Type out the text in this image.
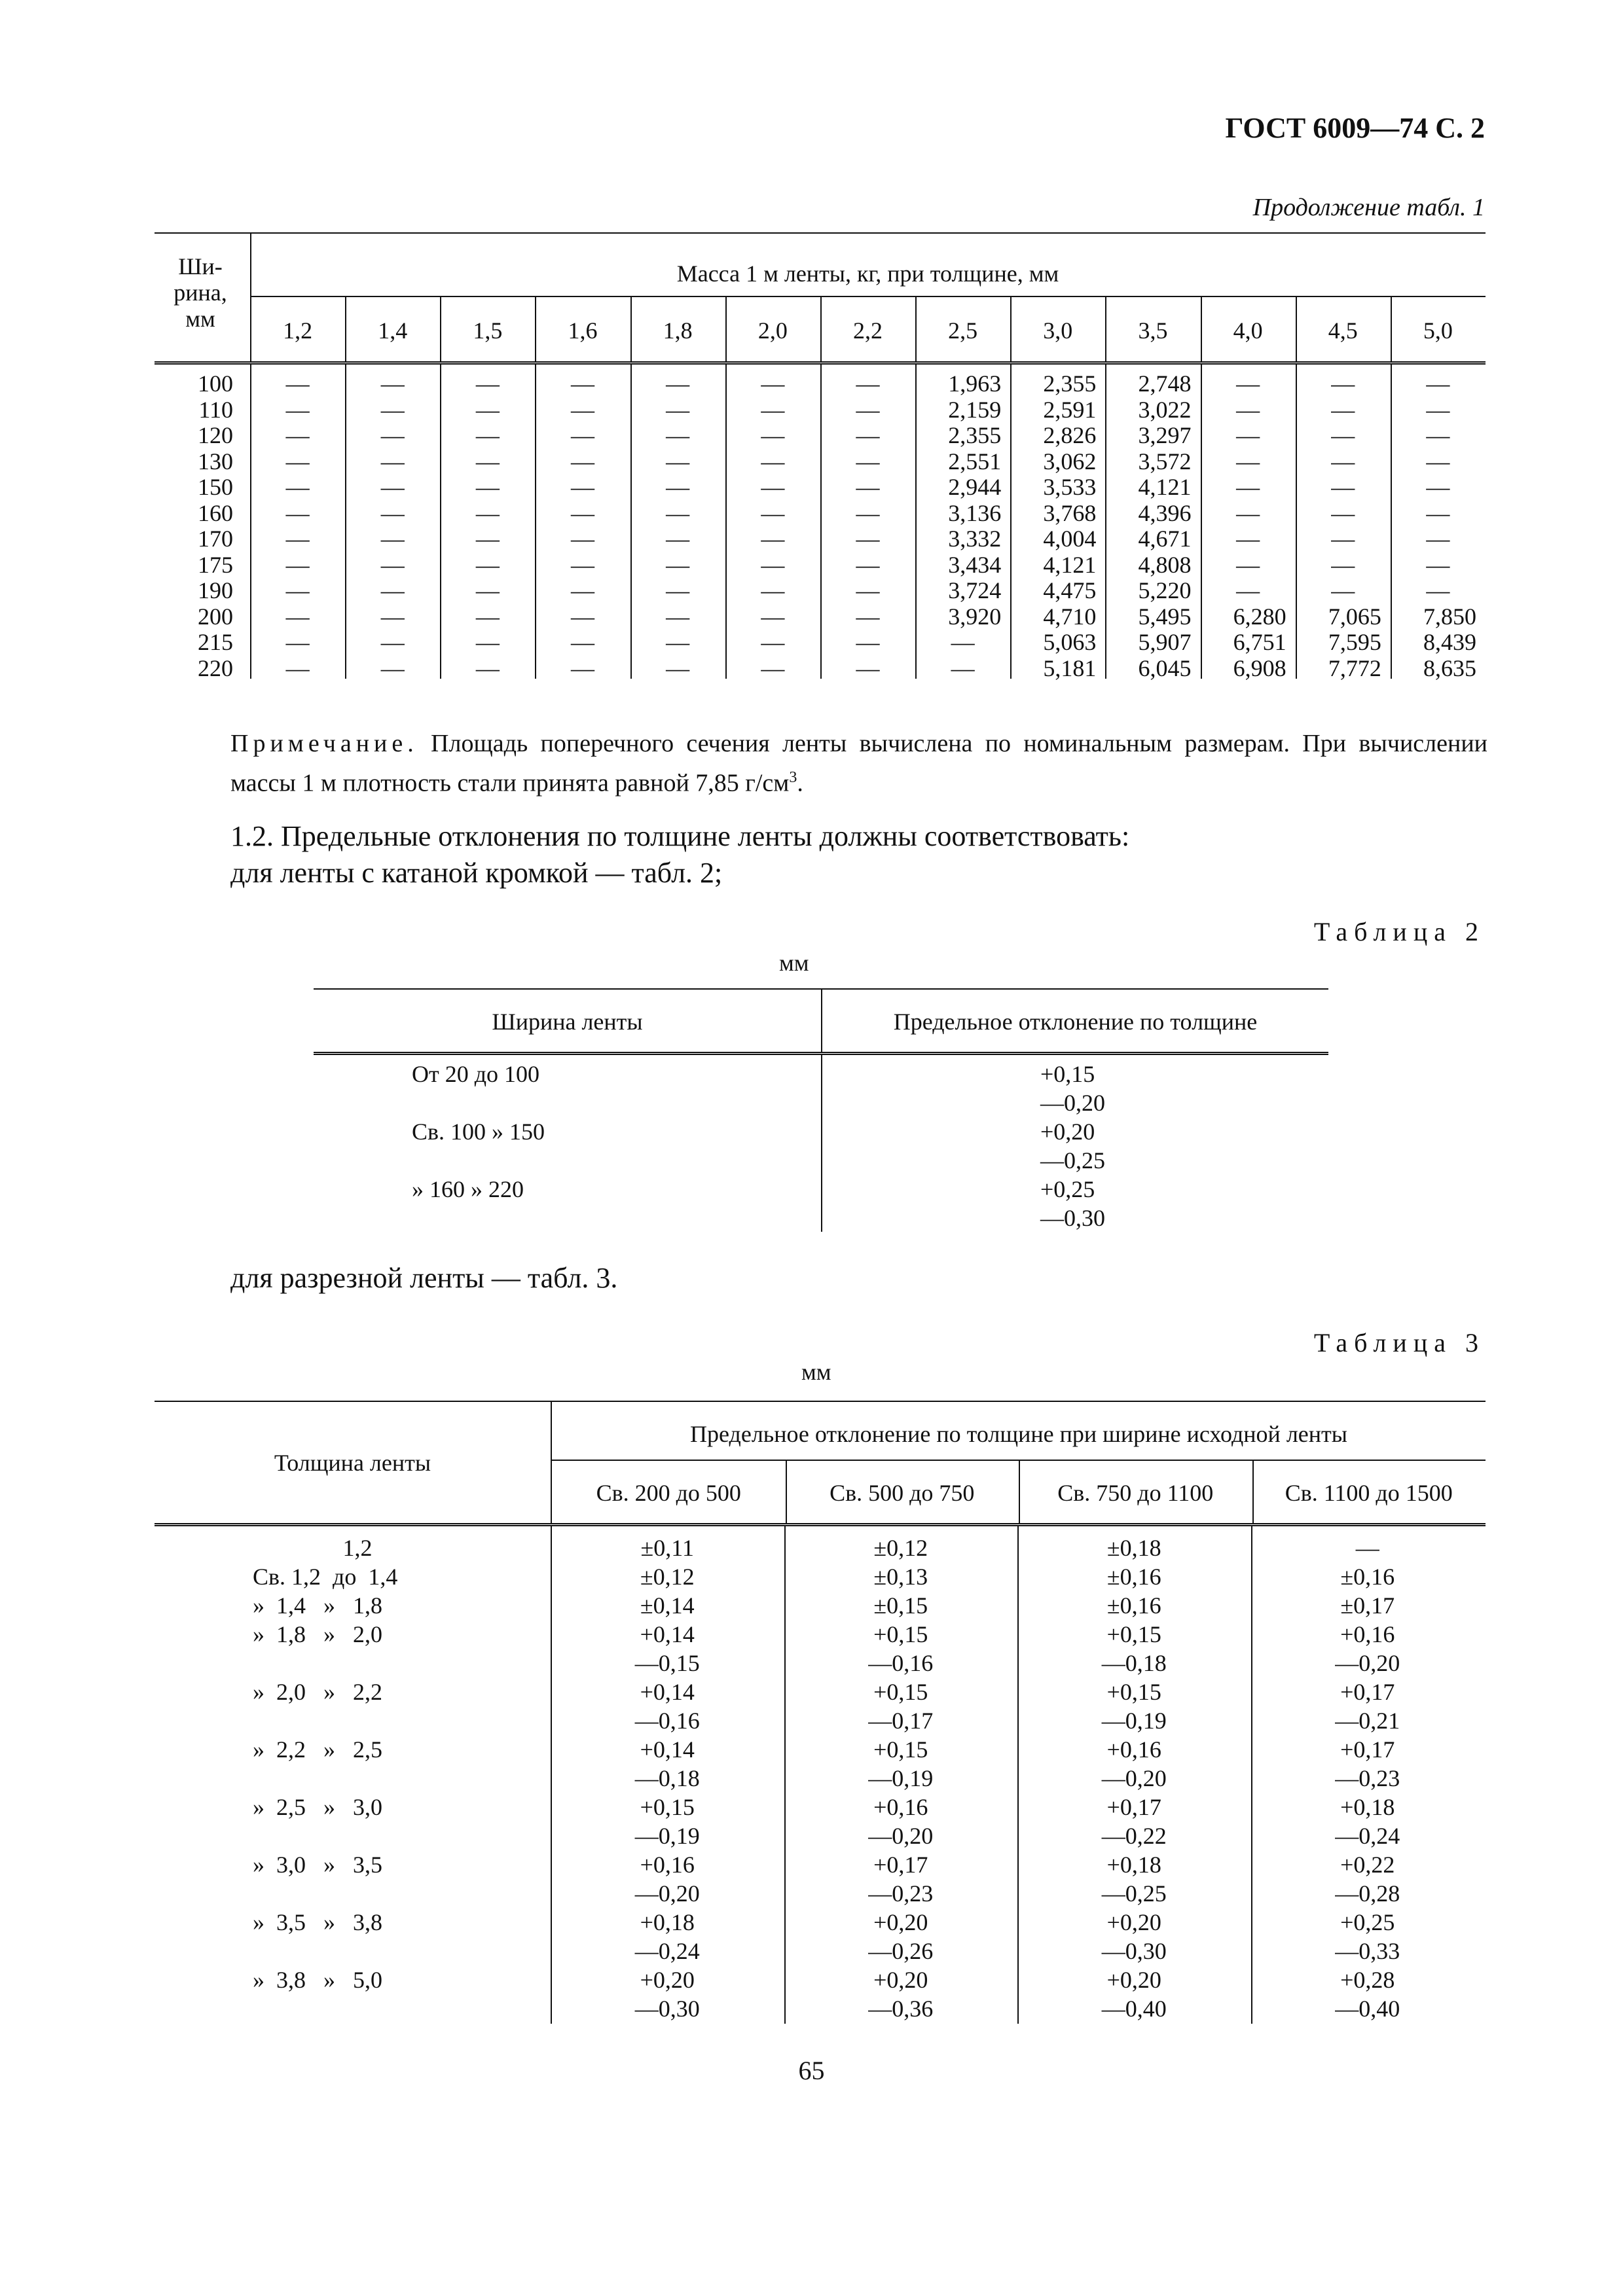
ГОСТ 6009—74 С. 2
Продолжение табл. 1
Ши-
рина,
мм
Масса 1 м ленты, кг, при толщине, мм
1,2	1,4	1,5	1,6	1,8	2,0	2,2	2,5	3,0	3,5	4,0	4,5	5,0
100	—	—	—	—	—	—	—	1,963	2,355	2,748	—	—	—
110	—	—	—	—	—	—	—	2,159	2,591	3,022	—	—	—
120	—	—	—	—	—	—	—	2,355	2,826	3,297	—	—	—
130	—	—	—	—	—	—	—	2,551	3,062	3,572	—	—	—
150	—	—	—	—	—	—	—	2,944	3,533	4,121	—	—	—
160	—	—	—	—	—	—	—	3,136	3,768	4,396	—	—	—
170	—	—	—	—	—	—	—	3,332	4,004	4,671	—	—	—
175	—	—	—	—	—	—	—	3,434	4,121	4,808	—	—	—
190	—	—	—	—	—	—	—	3,724	4,475	5,220	—	—	—
200	—	—	—	—	—	—	—	3,920	4,710	5,495	6,280	7,065	7,850
215	—	—	—	—	—	—	—	—	5,063	5,907	6,751	7,595	8,439
220	—	—	—	—	—	—	—	—	5,181	6,045	6,908	7,772	8,635
Примечание. Площадь поперечного сечения ленты вычислена по номинальным размерам. При вычислении массы 1 м плотность стали принята равной 7,85 $г/см^3$.
1.2. Предельные отклонения по толщине ленты должны соответствовать:
для ленты с катаной кромкой — табл. 2;
Таблица 2
мм
Ширина ленты	Предельное отклонение по толщине
От 20 до 100	+0,15
—0,20
Св. 100 » 150	+0,20
—0,25
» 160 » 220	+0,25
—0,30
для разрезной ленты — табл. 3.
Таблица 3
мм
Толщина ленты
Предельное отклонение по толщине при ширине исходной ленты
Св. 200 до 500	Св. 500 до 750	Св. 750 до 1100	Св. 1100 до 1500
1,2	±0,11	±0,12	±0,18	—
Св. 1,2  до  1,4	±0,12	±0,13	±0,16	±0,16
»  1,4   »   1,8	±0,14	±0,15	±0,16	±0,17
»  1,8   »   2,0	+0,14	+0,15	+0,15	+0,16
—0,15	—0,16	—0,18	—0,20
»  2,0   »   2,2	+0,14	+0,15	+0,15	+0,17
—0,16	—0,17	—0,19	—0,21
»  2,2   »   2,5	+0,14	+0,15	+0,16	+0,17
—0,18	—0,19	—0,20	—0,23
»  2,5   »   3,0	+0,15	+0,16	+0,17	+0,18
—0,19	—0,20	—0,22	—0,24
»  3,0   »   3,5	+0,16	+0,17	+0,18	+0,22
—0,20	—0,23	—0,25	—0,28
»  3,5   »   3,8	+0,18	+0,20	+0,20	+0,25
—0,24	—0,26	—0,30	—0,33
»  3,8   »   5,0	+0,20	+0,20	+0,20	+0,28
—0,30	—0,36	—0,40	—0,40
65
